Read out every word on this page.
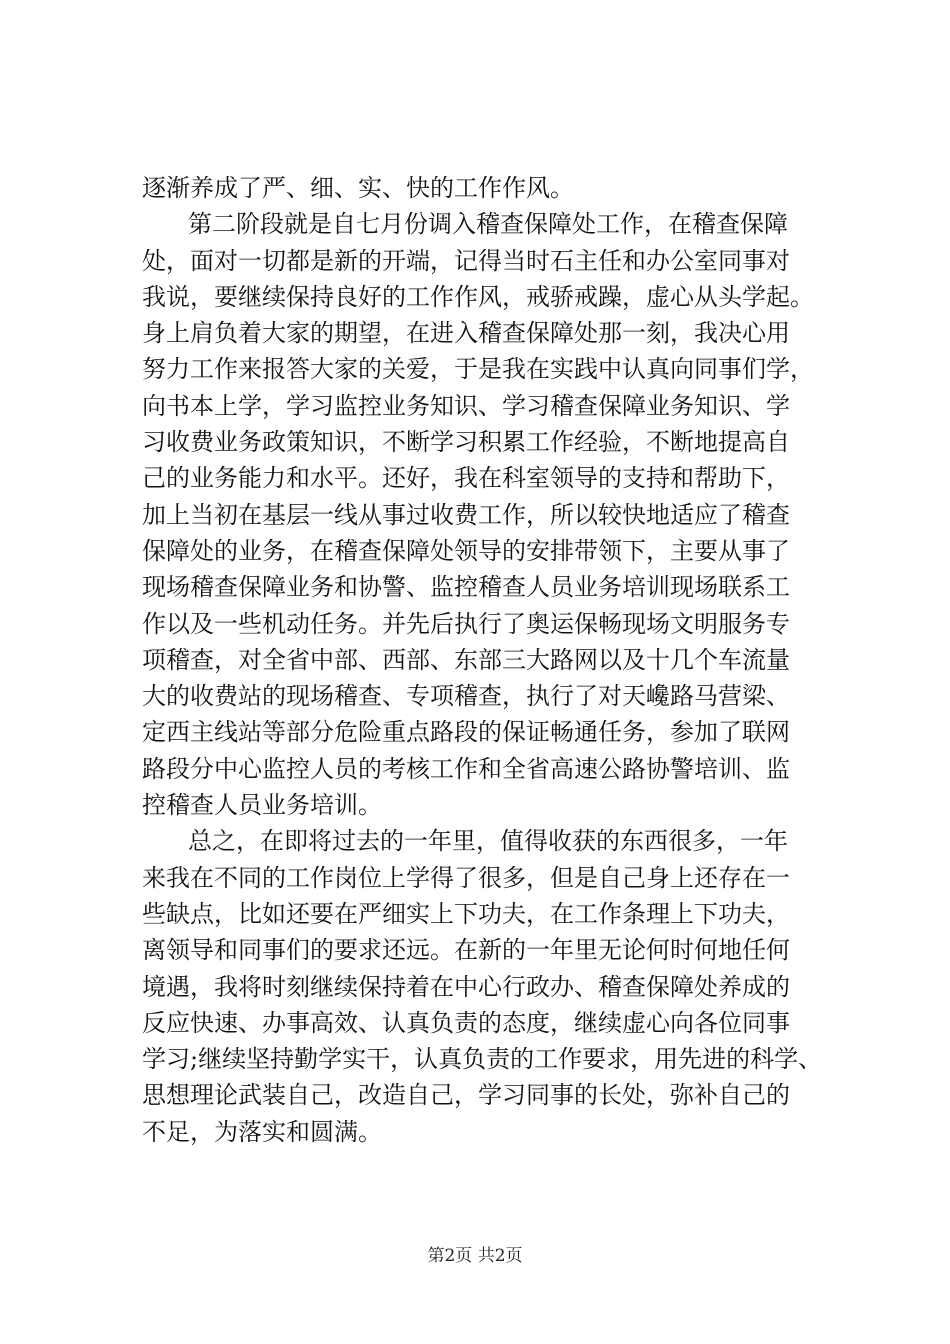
逐渐养成了严、细、实、快的工作作风。
第二阶段就是自七月份调入稽查保障处工作，在稽查保障
处，面对一切都是新的开端，记得当时石主任和办公室同事对
我说，要继续保持良好的工作作风，戒骄戒躁，虚心从头学起。
身上肩负着大家的期望，在进入稽查保障处那一刻，我决心用
努力工作来报答大家的关爱，于是我在实践中认真向同事们学，
向书本上学，学习监控业务知识、学习稽查保障业务知识、学
习收费业务政策知识，不断学习积累工作经验，不断地提高自
己的业务能力和水平。还好，我在科室领导的支持和帮助下，
加上当初在基层一线从事过收费工作，所以较快地适应了稽查
保障处的业务，在稽查保障处领导的安排带领下，主要从事了
现场稽查保障业务和协警、监控稽查人员业务培训现场联系工
作以及一些机动任务。并先后执行了奥运保畅现场文明服务专
项稽查，对全省中部、西部、东部三大路网以及十几个车流量
大的收费站的现场稽查、专项稽查，执行了对天巉路马营梁、
定西主线站等部分危险重点路段的保证畅通任务，参加了联网
路段分中心监控人员的考核工作和全省高速公路协警培训、监
控稽查人员业务培训。
总之，在即将过去的一年里，值得收获的东西很多，一年
来我在不同的工作岗位上学得了很多，但是自己身上还存在一
些缺点，比如还要在严细实上下功夫，在工作条理上下功夫，
离领导和同事们的要求还远。在新的一年里无论何时何地任何
境遇，我将时刻继续保持着在中心行政办、稽查保障处养成的
反应快速、办事高效、认真负责的态度，继续虚心向各位同事
学习;继续坚持勤学实干，认真负责的工作要求，用先进的科学、
思想理论武装自己，改造自己，学习同事的长处，弥补自己的
不足，为落实和圆满。
第2页 共2页
